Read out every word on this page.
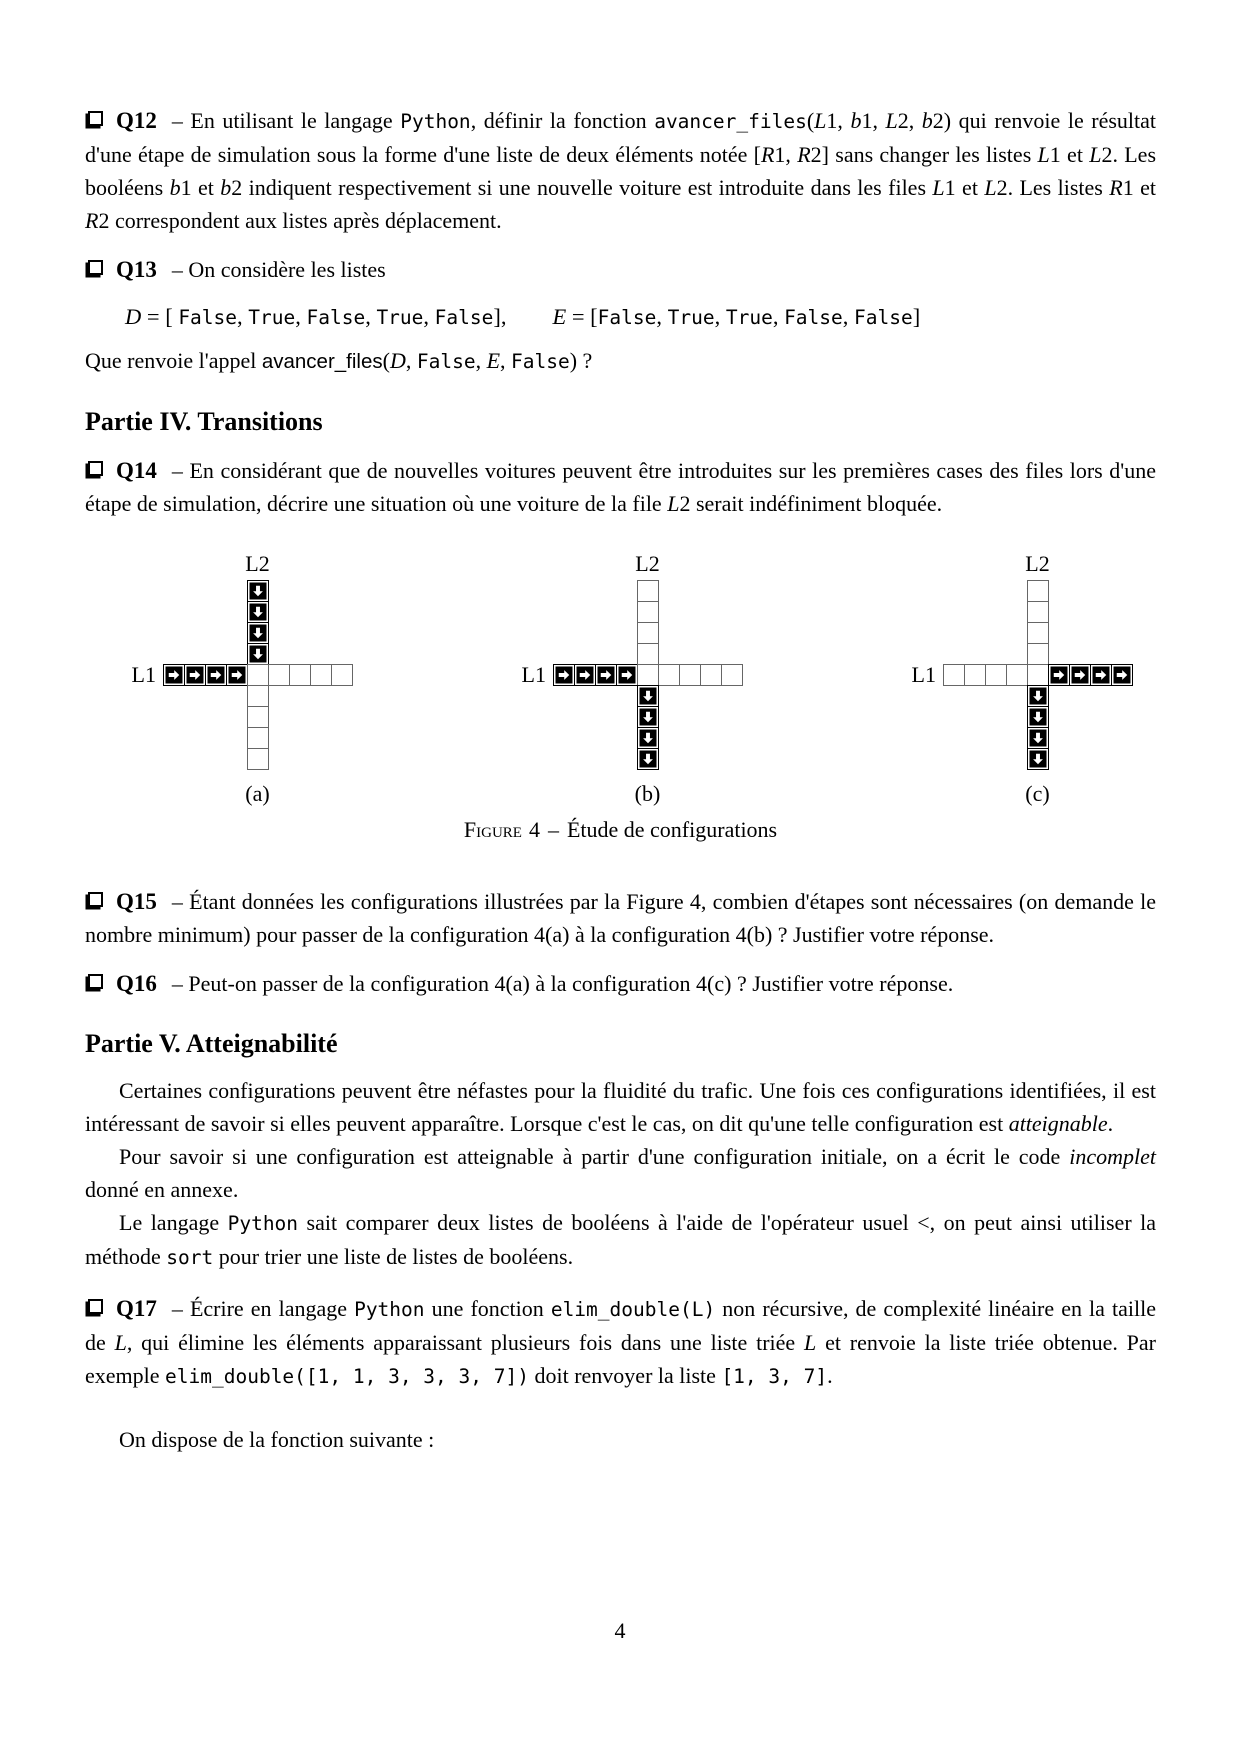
Q12 – En utilisant le langage Python, définir la fonction avancer_files(L1, b1, L2, b2) qui renvoie le résultat d'une étape de simulation sous la forme d'une liste de deux éléments notée [R1, R2] sans changer les listes L1 et L2. Les booléens b1 et b2 indiquent respectivement si une nouvelle voiture est introduite dans les files L1 et L2. Les listes R1 et R2 correspondent aux listes après déplacement.

Q13 – On considère les listes

D = [ False, True, False, True, False], E = [False, True, True, False, False]

Que renvoie l'appel avancer_files(D, False, E, False) ?

Partie IV. Transitions

Q14 – En considérant que de nouvelles voitures peuvent être introduites sur les premières cases des files lors d'une étape de simulation, décrire une situation où une voiture de la file L2 serait indéfiniment bloquée.

L2
L1
(a)
L2
L1
(b)
L2
L1
(c)
Figure 4 – Étude de configurations

Q15 – Étant données les configurations illustrées par la Figure 4, combien d'étapes sont nécessaires (on demande le nombre minimum) pour passer de la configuration 4(a) à la configuration 4(b) ? Justifier votre réponse.

Q16 – Peut-on passer de la configuration 4(a) à la configuration 4(c) ? Justifier votre réponse.

Partie V. Atteignabilité

Certaines configurations peuvent être néfastes pour la fluidité du trafic. Une fois ces configurations identifiées, il est intéressant de savoir si elles peuvent apparaître. Lorsque c'est le cas, on dit qu'une telle configuration est atteignable.

Pour savoir si une configuration est atteignable à partir d'une configuration initiale, on a écrit le code incomplet donné en annexe.

Le langage Python sait comparer deux listes de booléens à l'aide de l'opérateur usuel <, on peut ainsi utiliser la méthode sort pour trier une liste de listes de booléens.

Q17 – Écrire en langage Python une fonction elim_double(L) non récursive, de complexité linéaire en la taille de L, qui élimine les éléments apparaissant plusieurs fois dans une liste triée L et renvoie la liste triée obtenue. Par exemple elim_double([1, 1, 3, 3, 3, 7]) doit renvoyer la liste [1, 3, 7].

On dispose de la fonction suivante :

4
